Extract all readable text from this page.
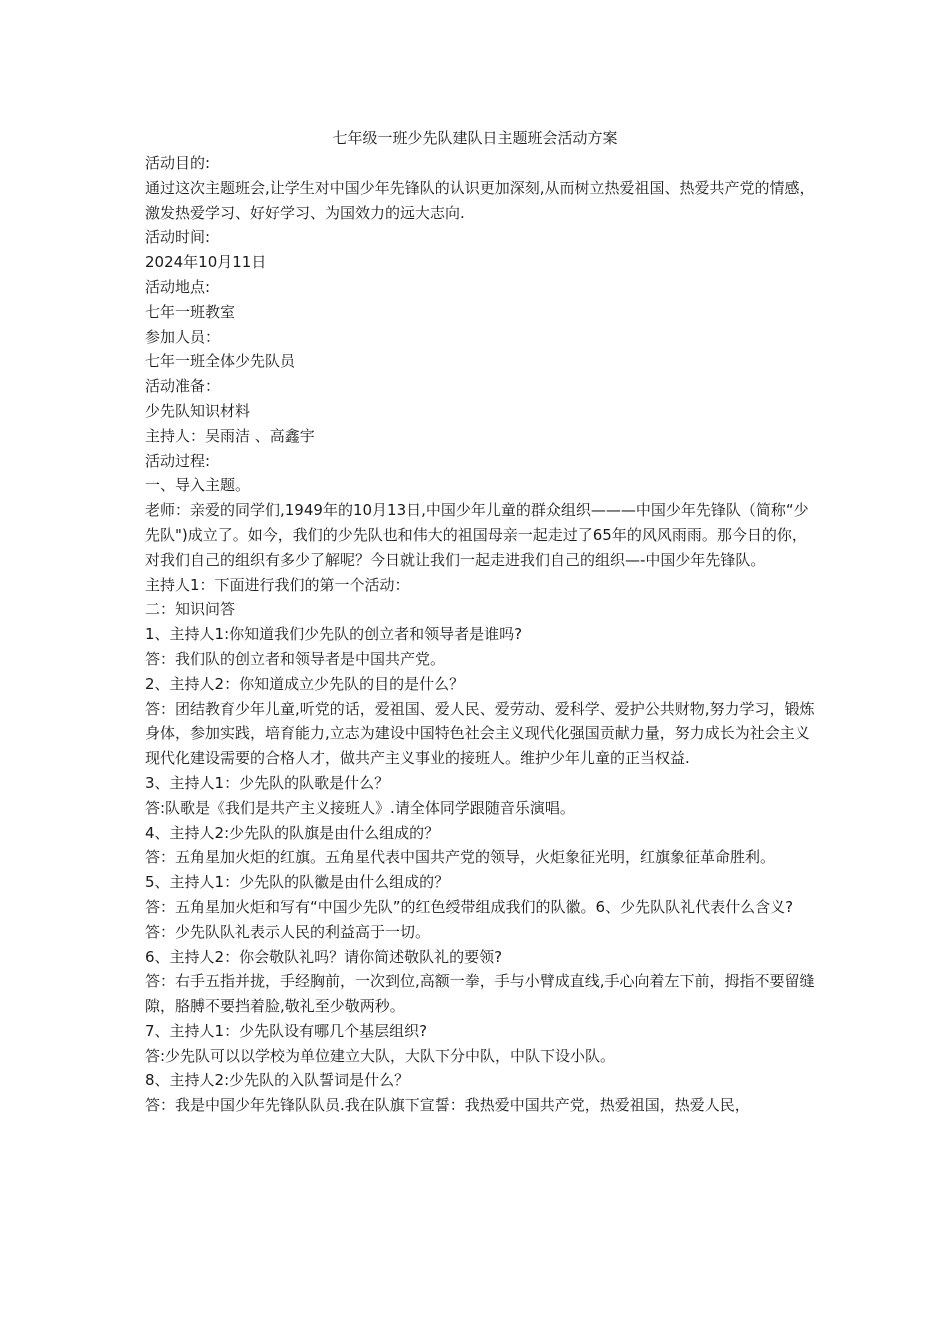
七年级一班少先队建队日主题班会活动方案

活动目的:

通过这次主题班会,让学生对中国少年先锋队的认识更加深刻,从而树立热爱祖国、热爱共产党的情感，激发热爱学习、好好学习、为国效力的远大志向.

活动时间:

2024年10月11日

活动地点:

七年一班教室

参加人员：

七年一班全体少先队员

活动准备：

少先队知识材料

主持人：吴雨洁 、高鑫宇

活动过程:

一、导入主题。

老师：亲爱的同学们,1949年的10月13日,中国少年儿童的群众组织———中国少年先锋队（简称“少先队")成立了。如今，我们的少先队也和伟大的祖国母亲一起走过了65年的风风雨雨。那今日的你，对我们自己的组织有多少了解呢？今日就让我们一起走进我们自己的组织—-中国少年先锋队。

主持人1：下面进行我们的第一个活动：

二：知识问答

1、主持人1:你知道我们少先队的创立者和领导者是谁吗?

答：我们队的创立者和领导者是中国共产党。

2、主持人2：你知道成立少先队的目的是什么？

答：团结教育少年儿童,听党的话，爱祖国、爱人民、爱劳动、爱科学、爱护公共财物,努力学习，锻炼身体，参加实践，培育能力,立志为建设中国特色社会主义现代化强国贡献力量，努力成长为社会主义现代化建设需要的合格人才，做共产主义事业的接班人。维护少年儿童的正当权益.

3、主持人1：少先队的队歌是什么？

答:队歌是《我们是共产主义接班人》.请全体同学跟随音乐演唱。

4、主持人2:少先队的队旗是由什么组成的？

答：五角星加火炬的红旗。五角星代表中国共产党的领导，火炬象征光明，红旗象征革命胜利。

5、主持人1：少先队的队徽是由什么组成的？

答：五角星加火炬和写有“中国少先队”的红色绶带组成我们的队徽。6、少先队队礼代表什么含义?

答：少先队队礼表示人民的利益高于一切。

6、主持人2：你会敬队礼吗？请你简述敬队礼的要领?

答：右手五指并拢，手经胸前，一次到位,高额一拳，手与小臂成直线,手心向着左下前，拇指不要留缝隙，胳膊不要挡着脸,敬礼至少敬两秒。

7、主持人1：少先队设有哪几个基层组织?

答:少先队可以以学校为单位建立大队，大队下分中队，中队下设小队。

8、主持人2:少先队的入队誓词是什么？

答：我是中国少年先锋队队员.我在队旗下宣誓：我热爱中国共产党，热爱祖国，热爱人民，
